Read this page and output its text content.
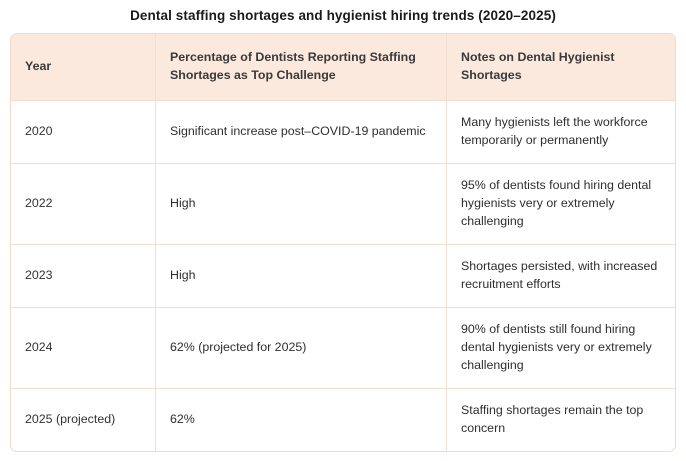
Dental staffing shortages and hygienist hiring trends (2020–2025)
Year	Percentage of Dentists Reporting Staffing Shortages as Top Challenge	Notes on Dental Hygienist Shortages
2020	Significant increase post–COVID-19 pandemic	Many hygienists left the workforce temporarily or permanently
2022	High	95% of dentists found hiring dental hygienists very or extremely challenging
2023	High	Shortages persisted, with increased recruitment efforts
2024	62% (projected for 2025)	90% of dentists still found hiring dental hygienists very or extremely challenging
2025 (projected)	62%	Staffing shortages remain the top concern
